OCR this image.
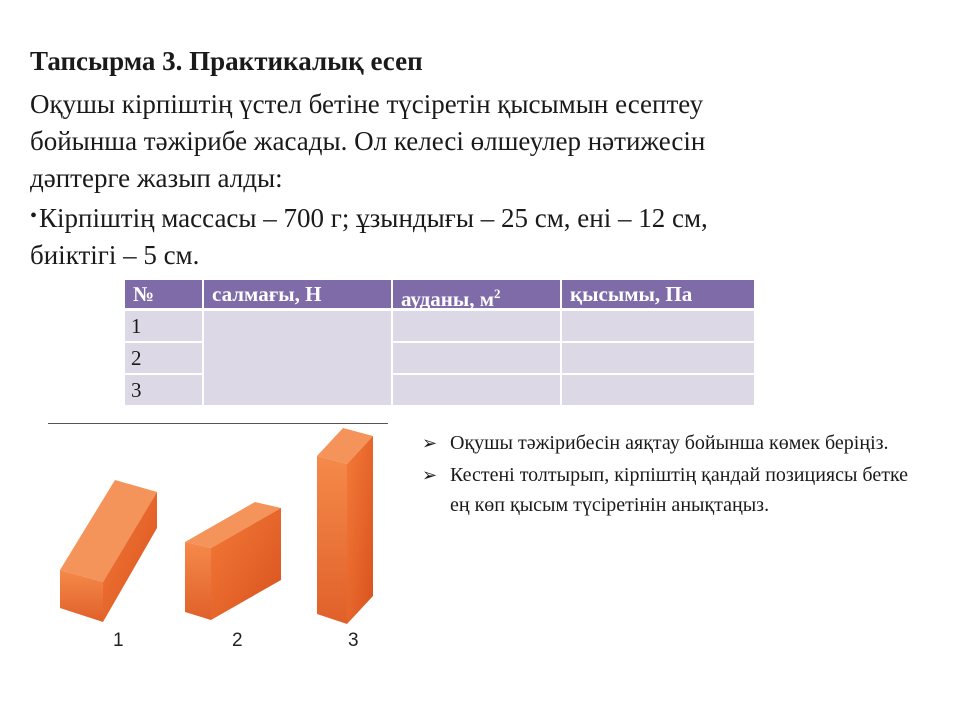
Тапсырма 3. Практикалық есеп
Оқушы кірпіштің үстел бетіне түсіретін қысымын есептеу
бойынша тәжірибе жасады. Ол келесі өлшеулер нәтижесін
дәптерге жазып алды:
•Кірпіштің массасы – 700 г; ұзындығы – 25 см, ені – 12 см,
биіктігі – 5 см.
№	салмағы, Н	ауданы, $м^2$	қысымы, Па
1
2
3
1	2	3
➢ Оқушы тәжірибесін аяқтау бойынша көмек беріңіз.
➢ Кестені толтырып, кірпіштің қандай позициясы бетке ең көп қысым түсіретінін анықтаңыз.
